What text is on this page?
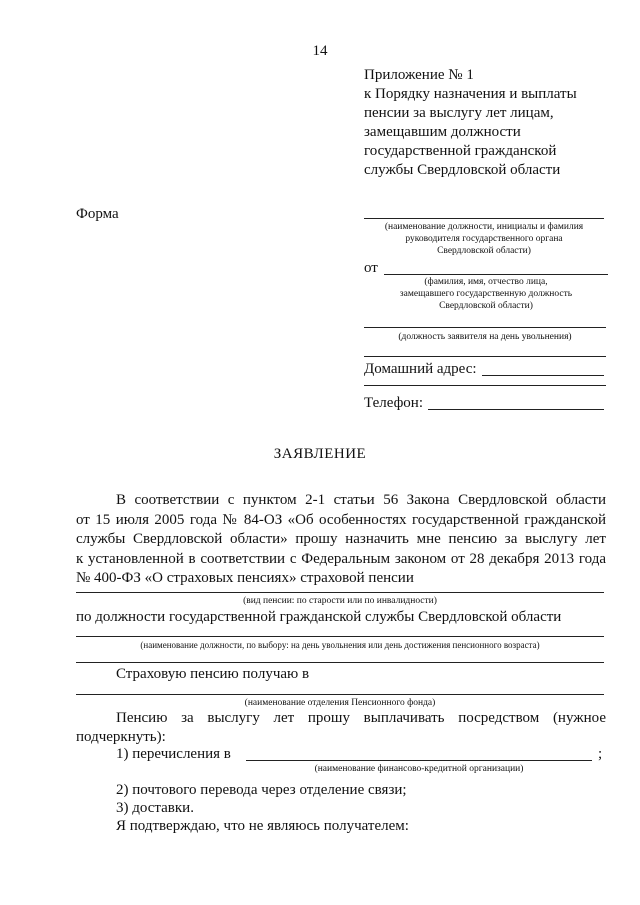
14
Приложение № 1
к Порядку назначения и выплаты
пенсии за выслугу лет лицам,
замещавшим должности
государственной гражданской
службы Свердловской области
Форма
(наименование должности, инициалы и фамилия
руководителя государственного органа
Свердловской области)
от
(фамилия, имя, отчество лица,
замещавшего государственную должность
Свердловской области)
(должность заявителя на день увольнения)
Домашний адрес:
Телефон:
ЗАЯВЛЕНИЕ
В соответствии с пунктом 2-1 статьи 56 Закона Свердловской области
от 15 июля 2005 года № 84-ОЗ «Об особенностях государственной гражданской
службы Свердловской области» прошу назначить мне пенсию за выслугу лет
к установленной в соответствии с Федеральным законом от 28 декабря 2013 года
№ 400-ФЗ «О страховых пенсиях» страховой пенсии
(вид пенсии: по старости или по инвалидности)
по должности государственной гражданской службы Свердловской области
(наименование должности, по выбору: на день увольнения или день достижения пенсионного возраста)
Страховую пенсию получаю в
(наименование отделения Пенсионного фонда)
Пенсию за выслугу лет прошу выплачивать посредством (нужное
подчеркнуть):
1) перечисления в	;
(наименование финансово-кредитной организации)
2) почтового перевода через отделение связи;
3) доставки.
Я подтверждаю, что не являюсь получателем:
